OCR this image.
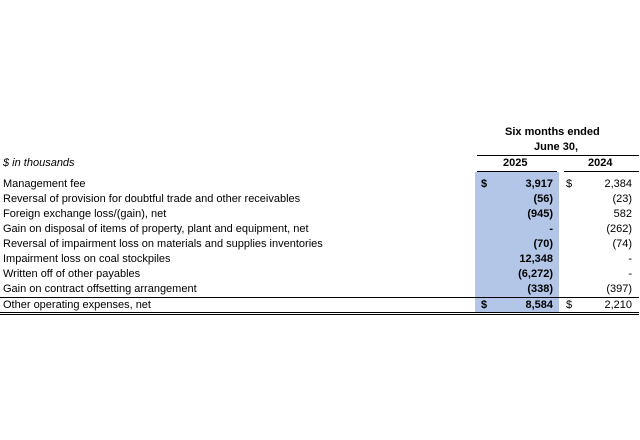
Six months ended
June 30,
$ in thousands	2025	2024
Management fee	$	3,917 $	2,384
Reversal of provision for doubtful trade and other receivables	(56)	(23)
Foreign exchange loss/(gain), net	(945)	582
Gain on disposal of items of property, plant and equipment, net	-	(262)
Reversal of impairment loss on materials and supplies inventories	(70)	(74)
Impairment loss on coal stockpiles	12,348	-
Written off of other payables	(6,272)	-
Gain on contract offsetting arrangement	(338)	(397)
Other operating expenses, net	$	8,584 $	2,210
